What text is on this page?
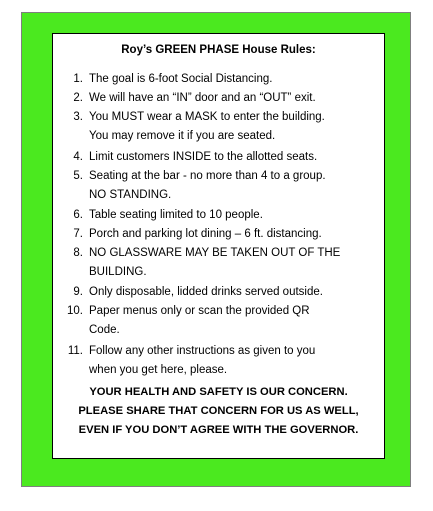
Roy’s GREEN PHASE House Rules:
1. The goal is 6-foot Social Distancing.
2. We will have an “IN” door and an “OUT” exit.
3. You MUST wear a MASK to enter the building.
You may remove it if you are seated.
4. Limit customers INSIDE to the allotted seats.
5. Seating at the bar - no more than 4 to a group.
NO STANDING.
6. Table seating limited to 10 people.
7. Porch and parking lot dining – 6 ft. distancing.
8. NO GLASSWARE MAY BE TAKEN OUT OF THE
BUILDING.
9. Only disposable, lidded drinks served outside.
10. Paper menus only or scan the provided QR
Code.
11. Follow any other instructions as given to you
when you get here, please.
YOUR HEALTH AND SAFETY IS OUR CONCERN.
PLEASE SHARE THAT CONCERN FOR US AS WELL,
EVEN IF YOU DON’T AGREE WITH THE GOVERNOR.
